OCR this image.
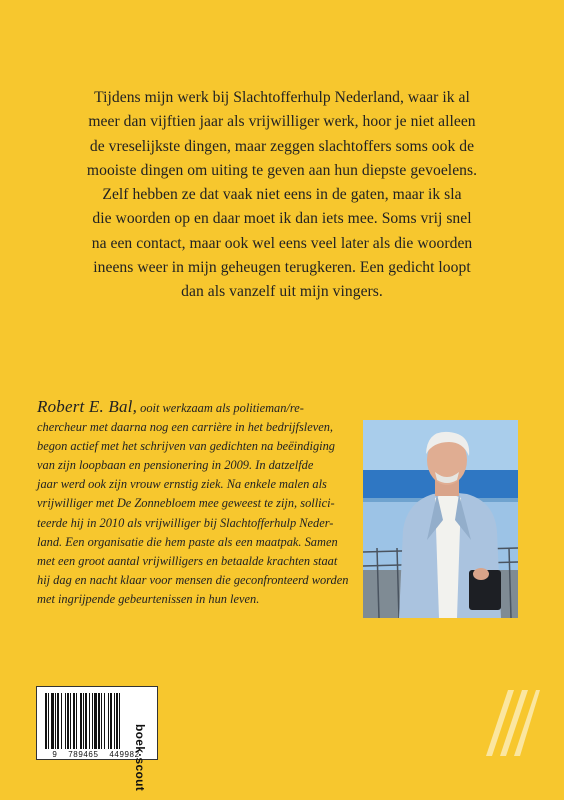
Tijdens mijn werk bij Slachtofferhulp Nederland, waar ik al
meer dan vijftien jaar als vrijwilliger werk, hoor je niet alleen
de vreselijkste dingen, maar zeggen slachtoffers soms ook de
mooiste dingen om uiting te geven aan hun diepste gevoelens.
Zelf hebben ze dat vaak niet eens in de gaten, maar ik sla
die woorden op en daar moet ik dan iets mee. Soms vrij snel
na een contact, maar ook wel eens veel later als die woorden
ineens weer in mijn geheugen terugkeren. Een gedicht loopt
dan als vanzelf uit mijn vingers.
Robert E. Bal, ooit werkzaam als politieman/re-
chercheur met daarna nog een carrière in het bedrijfsleven,
begon actief met het schrijven van gedichten na beëindiging
van zijn loopbaan en pensionering in 2009. In datzelfde
jaar werd ook zijn vrouw ernstig ziek. Na enkele malen als
vrijwilliger met De Zonnebloem mee geweest te zijn, sollici-
teerde hij in 2010 als vrijwilliger bij Slachtofferhulp Neder-
land. Een organisatie die hem paste als een maatpak. Samen
met een groot aantal vrijwilligers en betaalde krachten staat
hij dag en nacht klaar voor mensen die geconfronteerd worden
met ingrijpende gebeurtenissen in hun leven.
9 789465 449982
boek·scout
